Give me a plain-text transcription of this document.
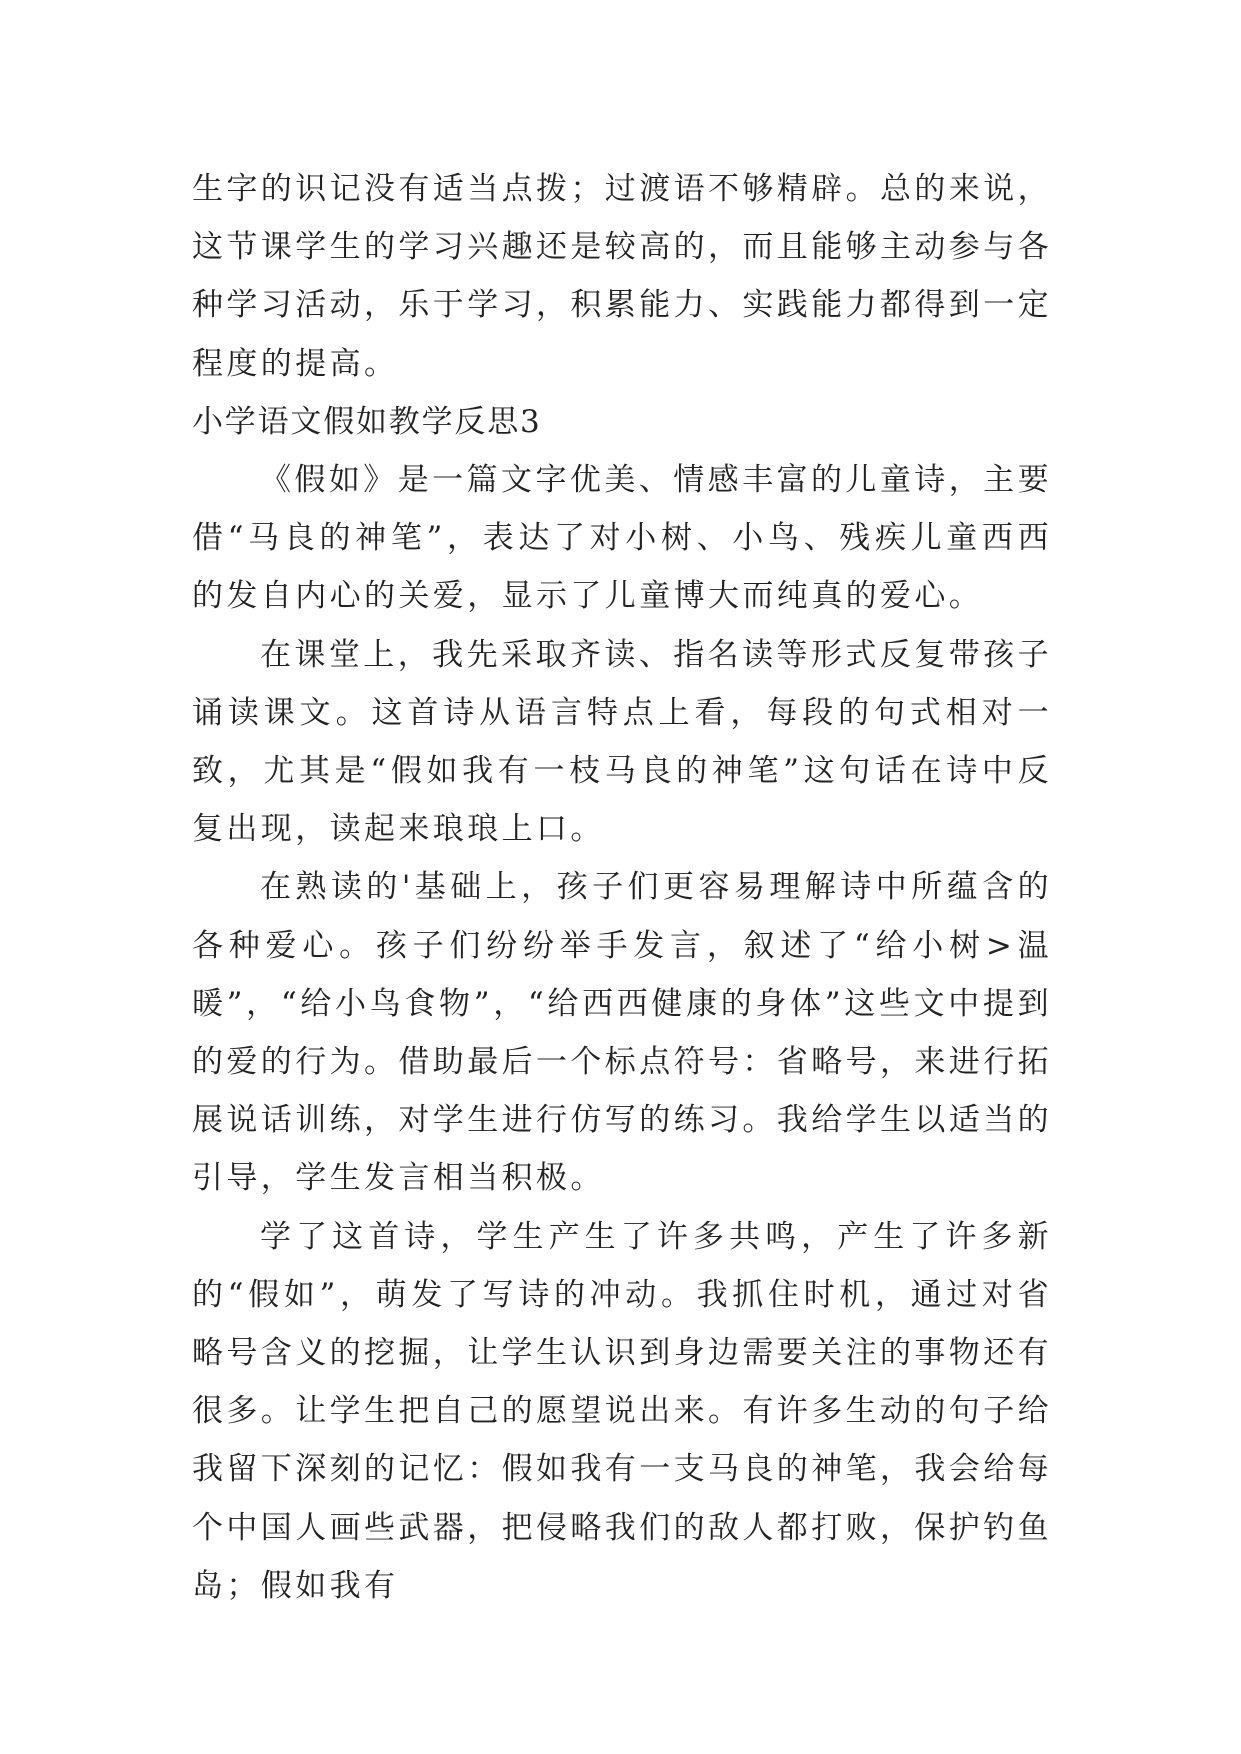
生字的识记没有适当点拨；过渡语不够精辟。总的来说，这节课学生的学习兴趣还是较高的，而且能够主动参与各种学习活动，乐于学习，积累能力、实践能力都得到一定程度的提高。

小学语文假如教学反思3

《假如》是一篇文字优美、情感丰富的儿童诗，主要借“马良的神笔”，表达了对小树、小鸟、残疾儿童西西的发自内心的关爱，显示了儿童博大而纯真的爱心。

在课堂上，我先采取齐读、指名读等形式反复带孩子诵读课文。这首诗从语言特点上看，每段的句式相对一致，尤其是“假如我有一枝马良的神笔”这句话在诗中反复出现，读起来琅琅上口。

在熟读的'基础上，孩子们更容易理解诗中所蕴含的各种爱心。孩子们纷纷举手发言，叙述了“给小树>温暖”，“给小鸟食物”，“给西西健康的身体”这些文中提到的爱的行为。借助最后一个标点符号：省略号，来进行拓展说话训练，对学生进行仿写的练习。我给学生以适当的引导，学生发言相当积极。

学了这首诗，学生产生了许多共鸣，产生了许多新的“假如”，萌发了写诗的冲动。我抓住时机，通过对省略号含义的挖掘，让学生认识到身边需要关注的事物还有很多。让学生把自己的愿望说出来。有许多生动的句子给我留下深刻的记忆：假如我有一支马良的神笔，我会给每个中国人画些武器，把侵略我们的敌人都打败，保护钓鱼岛；假如我有
